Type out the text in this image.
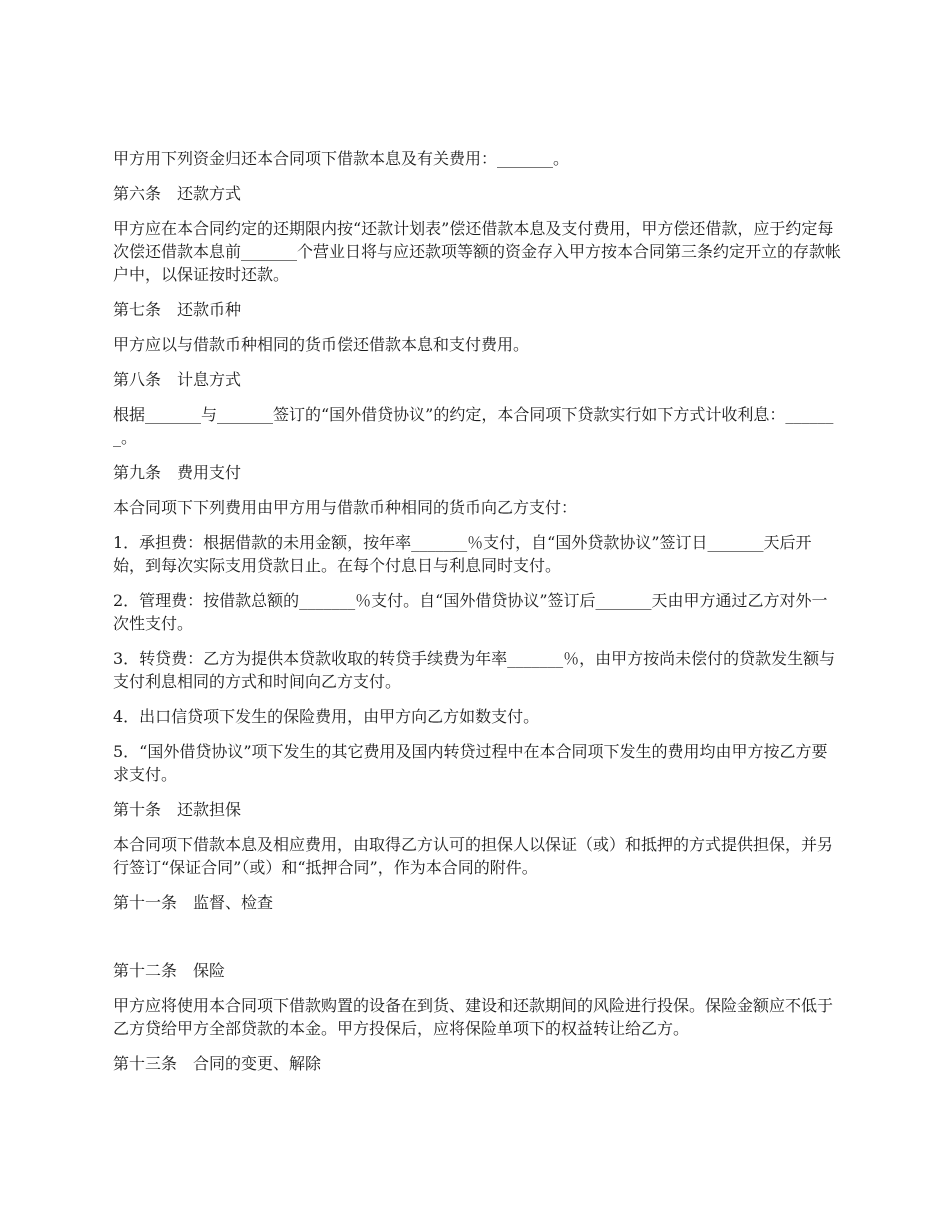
甲方用下列资金归还本合同项下借款本息及有关费用：_______。

第六条　还款方式

甲方应在本合同约定的还期限内按“还款计划表”偿还借款本息及支付费用，甲方偿还借款，应于约定每次偿还借款本息前_______个营业日将与应还款项等额的资金存入甲方按本合同第三条约定开立的存款帐户中，以保证按时还款。

第七条　还款币种

甲方应以与借款币种相同的货币偿还借款本息和支付费用。

第八条　计息方式

根据_______与_______签订的“国外借贷协议”的约定，本合同项下贷款实行如下方式计收利息：_______。

第九条　费用支付

本合同项下下列费用由甲方用与借款币种相同的货币向乙方支付：

1．承担费：根据借款的未用金额，按年率_______％支付，自“国外贷款协议”签订日_______天后开始，到每次实际支用贷款日止。在每个付息日与利息同时支付。

2．管理费：按借款总额的_______％支付。自“国外借贷协议”签订后_______天由甲方通过乙方对外一次性支付。

3．转贷费：乙方为提供本贷款收取的转贷手续费为年率_______％，由甲方按尚未偿付的贷款发生额与支付利息相同的方式和时间向乙方支付。

4．出口信贷项下发生的保险费用，由甲方向乙方如数支付。

5．“国外借贷协议”项下发生的其它费用及国内转贷过程中在本合同项下发生的费用均由甲方按乙方要求支付。

第十条　还款担保

本合同项下借款本息及相应费用，由取得乙方认可的担保人以保证（或）和抵押的方式提供担保，并另行签订“保证合同”（或）和“抵押合同”，作为本合同的附件。

第十一条　监督、检查

第十二条　保险

甲方应将使用本合同项下借款购置的设备在到货、建设和还款期间的风险进行投保。保险金额应不低于乙方贷给甲方全部贷款的本金。甲方投保后，应将保险单项下的权益转让给乙方。

第十三条　合同的变更、解除
